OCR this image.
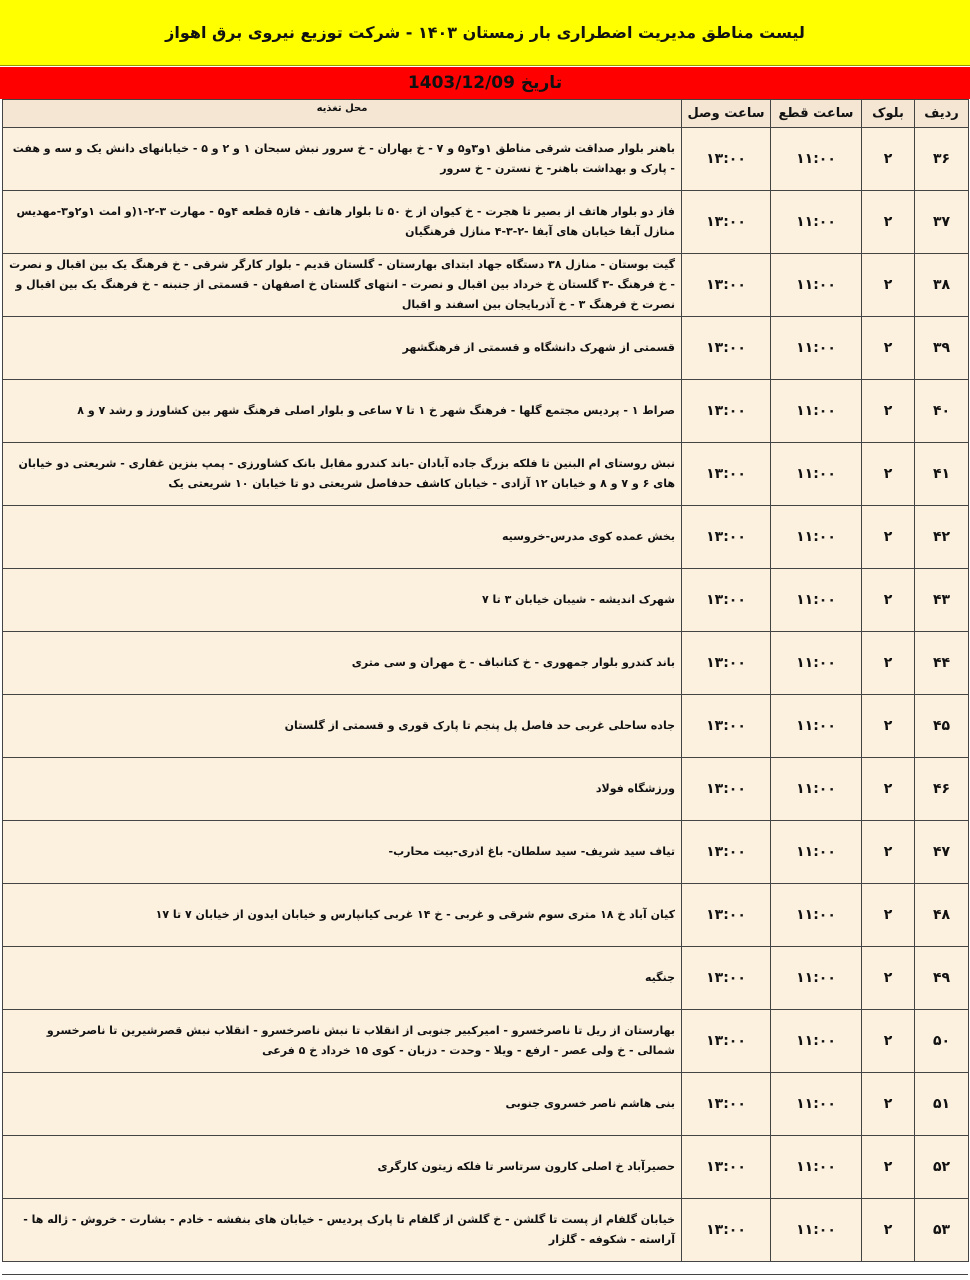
لیست مناطق مدیریت اضطراری بار زمستان ۱۴۰۳ - شرکت توزیع نیروی برق اهواز
تاریخ 1403/12/09
ردیف	بلوک	ساعت قطع	ساعت وصل	محل تغذیه
۳۶	۲	۱۱:۰۰	۱۳:۰۰	باهنر بلوار صداقت شرقی مناطق ۱و۳و۵ و ۷ - خ بهاران - خ سرور نبش سبحان ۱ و ۲ و ۵ - خیابانهای دانش یک و سه و هفت - پارک و بهداشت باهنر- خ نسترن - خ سرور
۳۷	۲	۱۱:۰۰	۱۳:۰۰	فاز دو بلوار هاتف از بصیر تا هجرت - خ کیوان از خ ۵۰ تا بلوار هاتف - فاز۵ قطعه ۴و۵ - مهارت ۳-۲-۱(و امت ۱و۲و۳-مهدیس منازل آبفا خیابان های آبفا -۲-۳-۴ منازل فرهنگیان
۳۸	۲	۱۱:۰۰	۱۳:۰۰	گیت بوستان - منازل ۳۸ دستگاه جهاد ابتدای بهارستان - گلستان قدیم - بلوار کارگر شرقی - خ فرهنگ یک بین اقبال و نصرت - خ فرهنگ -۳ گلستان خ خرداد بین اقبال و نصرت - انتهای گلستان خ اصفهان - قسمتی از جنبنه - خ فرهنگ یک بین اقبال و نصرت خ فرهنگ ۳ - خ آذربایجان بین اسفند و اقبال
۳۹	۲	۱۱:۰۰	۱۳:۰۰	قسمتی از شهرک دانشگاه و قسمتی از فرهنگشهر
۴۰	۲	۱۱:۰۰	۱۳:۰۰	صراط ۱ - پردیس مجتمع گلها - فرهنگ شهر خ ۱ تا ۷ ساعی و بلوار اصلی فرهنگ شهر بین کشاورز و رشد ۷ و ۸
۴۱	۲	۱۱:۰۰	۱۳:۰۰	نبش روستای ام البنین تا فلکه بزرگ جاده آبادان -باند کندرو مقابل بانک کشاورزی - پمپ بنزین غفاری - شریعتی دو خیابان های ۶ و ۷ و ۸ و خیابان ۱۲ آزادی - خیابان کاشف حدفاصل شریعتی دو تا خیابان ۱۰ شریعتی یک
۴۲	۲	۱۱:۰۰	۱۳:۰۰	بخش عمده کوی مدرس-خروسیه
۴۳	۲	۱۱:۰۰	۱۳:۰۰	شهرک اندیشه - شیبان خیابان ۳ تا ۷
۴۴	۲	۱۱:۰۰	۱۳:۰۰	باند کندرو بلوار جمهوری - خ کتانباف - خ مهران و سی متری
۴۵	۲	۱۱:۰۰	۱۳:۰۰	جاده ساحلی غربی حد فاصل پل پنجم تا پارک قوری و قسمتی از گلستان
۴۶	۲	۱۱:۰۰	۱۳:۰۰	ورزشگاه فولاد
۴۷	۲	۱۱:۰۰	۱۳:۰۰	تیاف سید شریف- سید سلطان- باغ اذری-بیت محارب-
۴۸	۲	۱۱:۰۰	۱۳:۰۰	کیان آباد خ ۱۸ متری سوم شرقی و غربی - خ ۱۴ غربی کیانپارس و خیابان ایدون از خیابان ۷ تا ۱۷
۴۹	۲	۱۱:۰۰	۱۳:۰۰	جنگیه
۵۰	۲	۱۱:۰۰	۱۳:۰۰	بهارستان از ریل تا ناصرخسرو - امیرکبیر جنوبی از انقلاب تا نبش ناصرخسرو - انقلاب نبش قصرشیرین تا ناصرخسرو شمالی - خ ولی عصر - ارفع - ویلا - وحدت - دزبان - کوی ۱۵ خرداد خ ۵ فرعی
۵۱	۲	۱۱:۰۰	۱۳:۰۰	بنی هاشم ناصر خسروی جنوبی
۵۲	۲	۱۱:۰۰	۱۳:۰۰	حصیرآباد خ اصلی کارون سرتاسر تا فلکه زیتون کارگری
۵۳	۲	۱۱:۰۰	۱۳:۰۰	خیابان گلفام از پست تا گلشن - خ گلشن از گلفام تا پارک پردیس - خیابان های بنفشه - خادم - بشارت - خروش - ژاله ها - آراسته - شکوفه - گلزار
